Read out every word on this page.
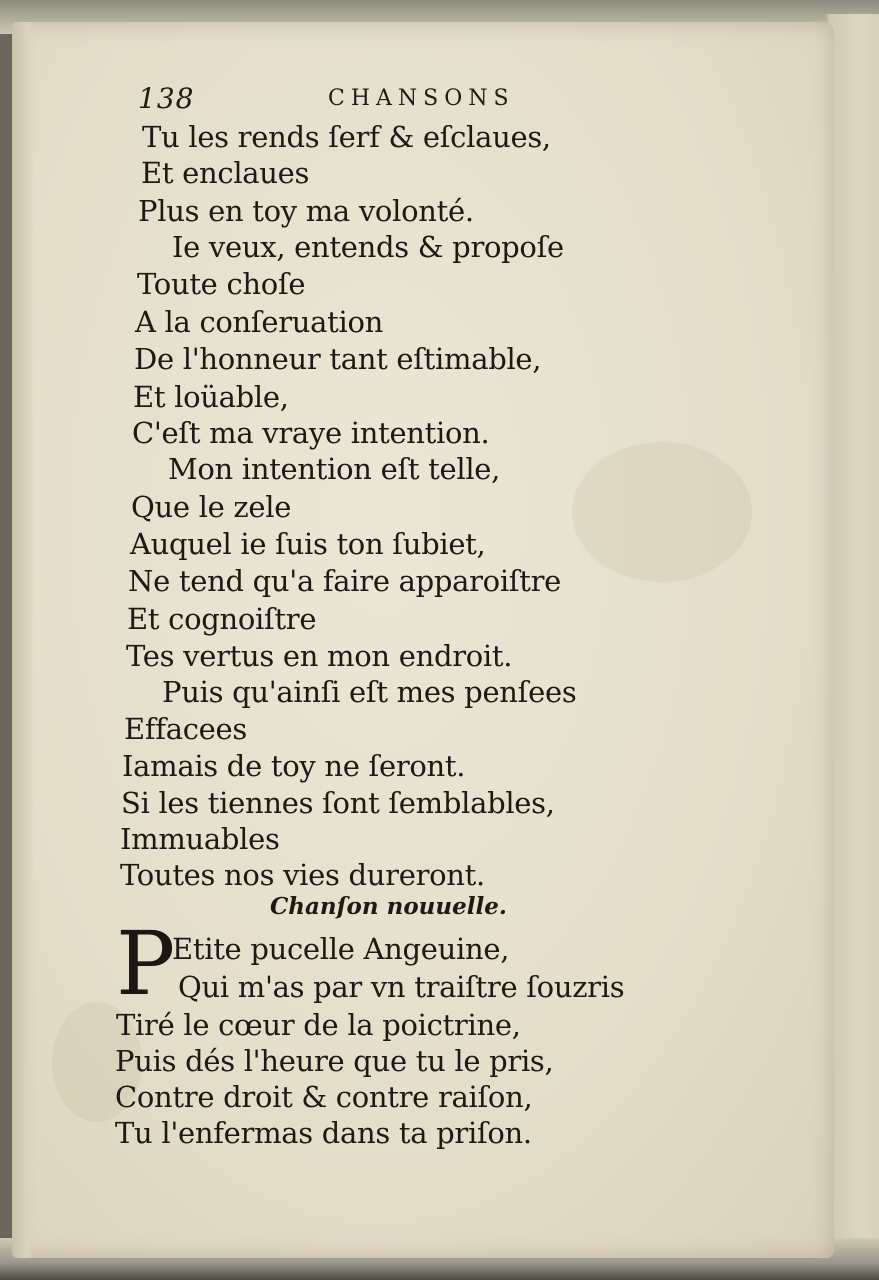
138	CHANSONS
Tu les rends ſerf & eſclaues,
Et enclaues
Plus en toy ma volonté.
Ie veux, entends & propoſe
Toute choſe
A la conſeruation
De l'honneur tant eſtimable,
Et loüable,
C'eſt ma vraye intention.
Mon intention eſt telle,
Que le zele
Auquel ie ſuis ton ſubiet,
Ne tend qu'a faire apparoiſtre
Et cognoiſtre
Tes vertus en mon endroit.
Puis qu'ainſi eſt mes penſees
Effacees
Iamais de toy ne ſeront.
Si les tiennes ſont ſemblables,
Immuables
Toutes nos vies dureront.
Chanſon nouuelle.
P
Etite pucelle Angeuine,
Qui m'as par vn traiſtre ſouzris
Tiré le cœur de la poictrine,
Puis dés l'heure que tu le pris,
Contre droit & contre raiſon,
Tu l'enfermas dans ta priſon.
